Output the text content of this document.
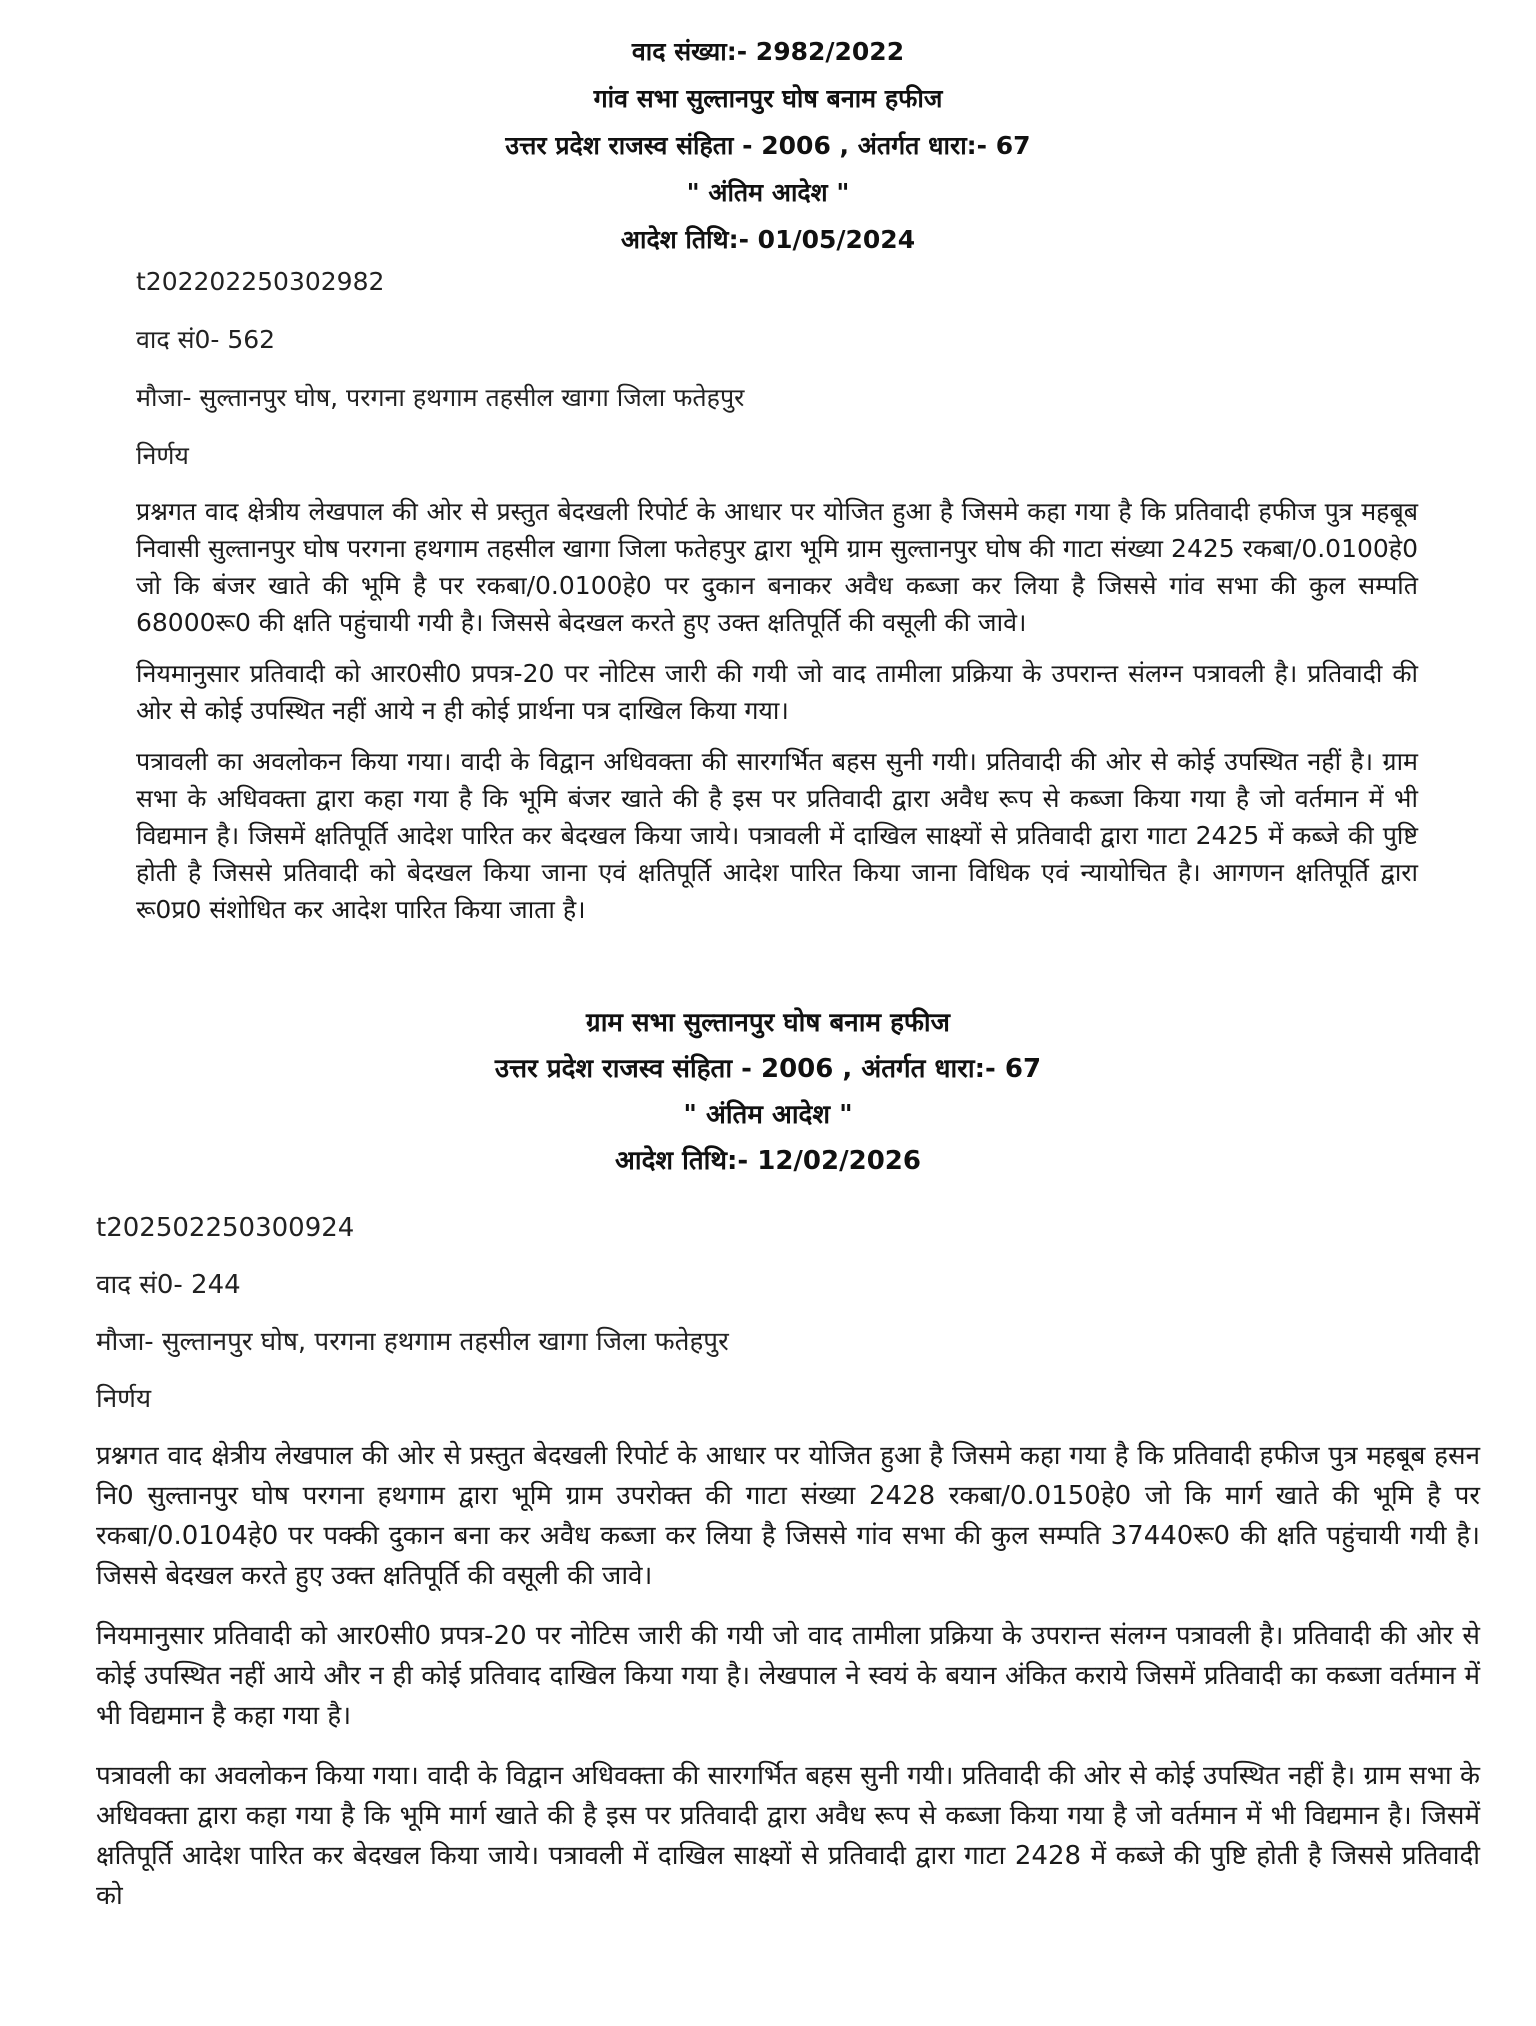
वाद संख्या:- 2982/2022
गांव सभा सुल्तानपुर घोष बनाम हफीज
उत्तर प्रदेश राजस्व संहिता - 2006 , अंतर्गत धारा:- 67
" अंतिम आदेश "
आदेश तिथि:- 01/05/2024
t202202250302982
वाद सं0- 562
मौजा- सुल्तानपुर घोष, परगना हथगाम तहसील खागा जिला फतेहपुर
निर्णय

प्रश्नगत वाद क्षेत्रीय लेखपाल की ओर से प्रस्तुत बेदखली रिपोर्ट के आधार पर योजित हुआ है जिसमे कहा गया है कि प्रतिवादी हफीज पुत्र महबूब निवासी सुल्तानपुर घोष परगना हथगाम तहसील खागा जिला फतेहपुर द्वारा भूमि ग्राम सुल्तानपुर घोष की गाटा संख्या 2425 रकबा/0.0100हे0 जो कि बंजर खाते की भूमि है पर रकबा/0.0100हे0 पर दुकान बनाकर अवैध कब्जा कर लिया है जिससे गांव सभा की कुल सम्पति 68000रू0 की क्षति पहुंचायी गयी है। जिससे बेदखल करते हुए उक्त क्षतिपूर्ति की वसूली की जावे।

नियमानुसार प्रतिवादी को आर0सी0 प्रपत्र-20 पर नोटिस जारी की गयी जो वाद तामीला प्रक्रिया के उपरान्त संलग्न पत्रावली है। प्रतिवादी की ओर से कोई उपस्थित नहीं आये न ही कोई प्रार्थना पत्र दाखिल किया गया।

पत्रावली का अवलोकन किया गया। वादी के विद्वान अधिवक्ता की सारगर्भित बहस सुनी गयी। प्रतिवादी की ओर से कोई उपस्थित नहीं है। ग्राम सभा के अधिवक्ता द्वारा कहा गया है कि भूमि बंजर खाते की है इस पर प्रतिवादी द्वारा अवैध रूप से कब्जा किया गया है जो वर्तमान में भी विद्यमान है। जिसमें क्षतिपूर्ति आदेश पारित कर बेदखल किया जाये। पत्रावली में दाखिल साक्ष्यों से प्रतिवादी द्वारा गाटा 2425 में कब्जे की पुष्टि होती है जिससे प्रतिवादी को बेदखल किया जाना एवं क्षतिपूर्ति आदेश पारित किया जाना विधिक एवं न्यायोचित है। आगणन क्षतिपूर्ति द्वारा रू0प्र0 संशोधित कर आदेश पारित किया जाता है।

ग्राम सभा सुल्तानपुर घोष बनाम हफीज
उत्तर प्रदेश राजस्व संहिता - 2006 , अंतर्गत धारा:- 67
" अंतिम आदेश "
आदेश तिथि:- 12/02/2026
t202502250300924
वाद सं0- 244
मौजा- सुल्तानपुर घोष, परगना हथगाम तहसील खागा जिला फतेहपुर
निर्णय

प्रश्नगत वाद क्षेत्रीय लेखपाल की ओर से प्रस्तुत बेदखली रिपोर्ट के आधार पर योजित हुआ है जिसमे कहा गया है कि प्रतिवादी हफीज पुत्र महबूब हसन नि0 सुल्तानपुर घोष परगना हथगाम द्वारा भूमि ग्राम उपरोक्त की गाटा संख्या 2428 रकबा/0.0150हे0 जो कि मार्ग खाते की भूमि है पर रकबा/0.0104हे0 पर पक्की दुकान बना कर अवैध कब्जा कर लिया है जिससे गांव सभा की कुल सम्पति 37440रू0 की क्षति पहुंचायी गयी है। जिससे बेदखल करते हुए उक्त क्षतिपूर्ति की वसूली की जावे।

नियमानुसार प्रतिवादी को आर0सी0 प्रपत्र-20 पर नोटिस जारी की गयी जो वाद तामीला प्रक्रिया के उपरान्त संलग्न पत्रावली है। प्रतिवादी की ओर से कोई उपस्थित नहीं आये और न ही कोई प्रतिवाद दाखिल किया गया है। लेखपाल ने स्वयं के बयान अंकित कराये जिसमें प्रतिवादी का कब्जा वर्तमान में भी विद्यमान है कहा गया है।

पत्रावली का अवलोकन किया गया। वादी के विद्वान अधिवक्ता की सारगर्भित बहस सुनी गयी। प्रतिवादी की ओर से कोई उपस्थित नहीं है। ग्राम सभा के अधिवक्ता द्वारा कहा गया है कि भूमि मार्ग खाते की है इस पर प्रतिवादी द्वारा अवैध रूप से कब्जा किया गया है जो वर्तमान में भी विद्यमान है। जिसमें क्षतिपूर्ति आदेश पारित कर बेदखल किया जाये। पत्रावली में दाखिल साक्ष्यों से प्रतिवादी द्वारा गाटा 2428 में कब्जे की पुष्टि होती है जिससे प्रतिवादी को
